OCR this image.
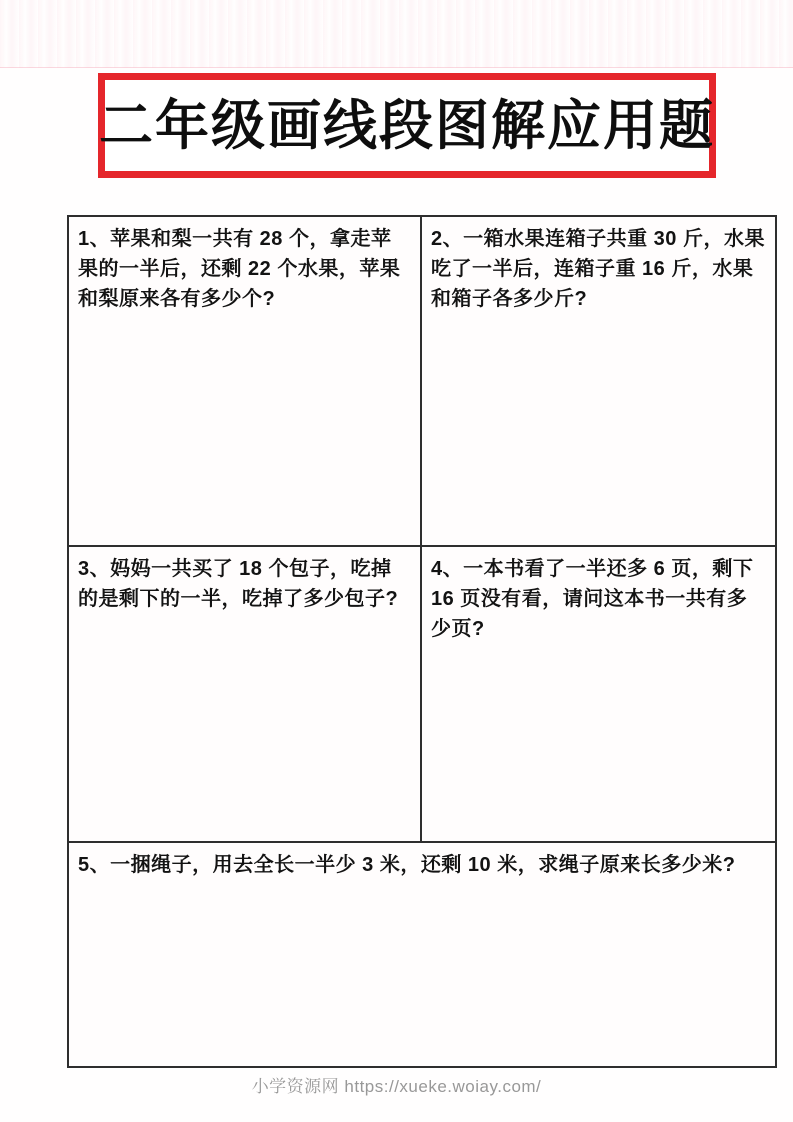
二年级画线段图解应用题
1、苹果和梨一共有 28 个，拿走苹果的一半后，还剩 22 个水果，苹果和梨原来各有多少个?
2、一箱水果连箱子共重 30 斤，水果吃了一半后，连箱子重 16 斤，水果和箱子各多少斤?
3、妈妈一共买了 18 个包子，吃掉的是剩下的一半，吃掉了多少包子?
4、一本书看了一半还多 6 页，剩下 16 页没有看，请问这本书一共有多少页?
5、一捆绳子，用去全长一半少 3 米，还剩 10 米，求绳子原来长多少米?
小学资源网 https://xueke.woiay.com/
